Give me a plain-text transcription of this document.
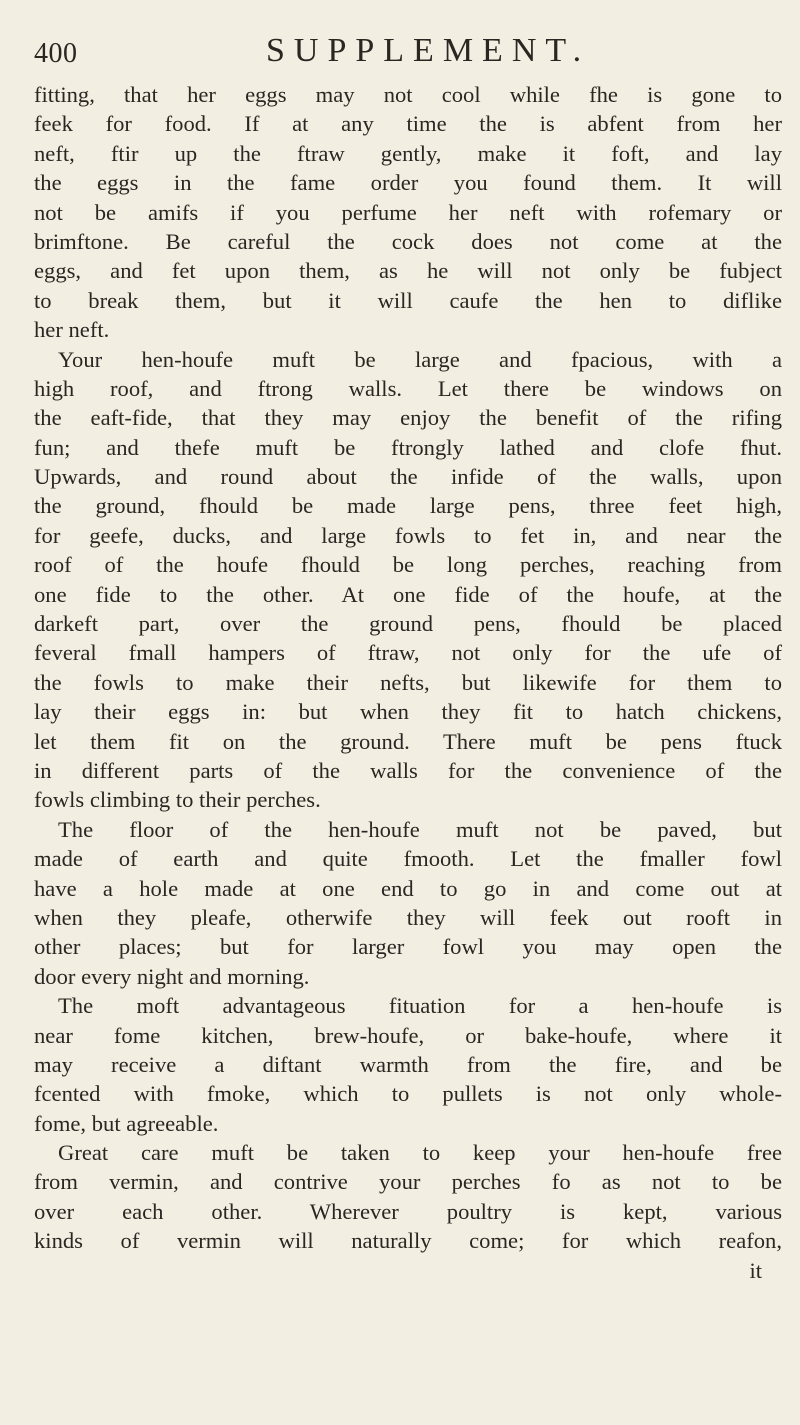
400	SUPPLEMENT.
fitting, that her eggs may not cool while fhe is gone to
feek for food. If at any time the is abfent from her
neft, ftir up the ftraw gently, make it foft, and lay
the eggs in the fame order you found them. It will
not be amifs if you perfume her neft with rofemary or
brimftone. Be careful the cock does not come at the
eggs, and fet upon them, as he will not only be fubject
to break them, but it will caufe the hen to diflike
her neft.
Your hen-houfe muft be large and fpacious, with a
high roof, and ftrong walls. Let there be windows on
the eaft-fide, that they may enjoy the benefit of the rifing
fun; and thefe muft be ftrongly lathed and clofe fhut.
Upwards, and round about the infide of the walls, upon
the ground, fhould be made large pens, three feet high,
for geefe, ducks, and large fowls to fet in, and near the
roof of the houfe fhould be long perches, reaching from
one fide to the other. At one fide of the houfe, at the
darkeft part, over the ground pens, fhould be placed
feveral fmall hampers of ftraw, not only for the ufe of
the fowls to make their nefts, but likewife for them to
lay their eggs in: but when they fit to hatch chickens,
let them fit on the ground. There muft be pens ftuck
in different parts of the walls for the convenience of the
fowls climbing to their perches.
The floor of the hen-houfe muft not be paved, but
made of earth and quite fmooth. Let the fmaller fowl
have a hole made at one end to go in and come out at
when they pleafe, otherwife they will feek out rooft in
other places; but for larger fowl you may open the
door every night and morning.
The moft advantageous fituation for a hen-houfe is
near fome kitchen, brew-houfe, or bake-houfe, where it
may receive a diftant warmth from the fire, and be
fcented with fmoke, which to pullets is not only whole-
fome, but agreeable.
Great care muft be taken to keep your hen-houfe free
from vermin, and contrive your perches fo as not to be
over each other. Wherever poultry is kept, various
kinds of vermin will naturally come; for which reafon,
it
